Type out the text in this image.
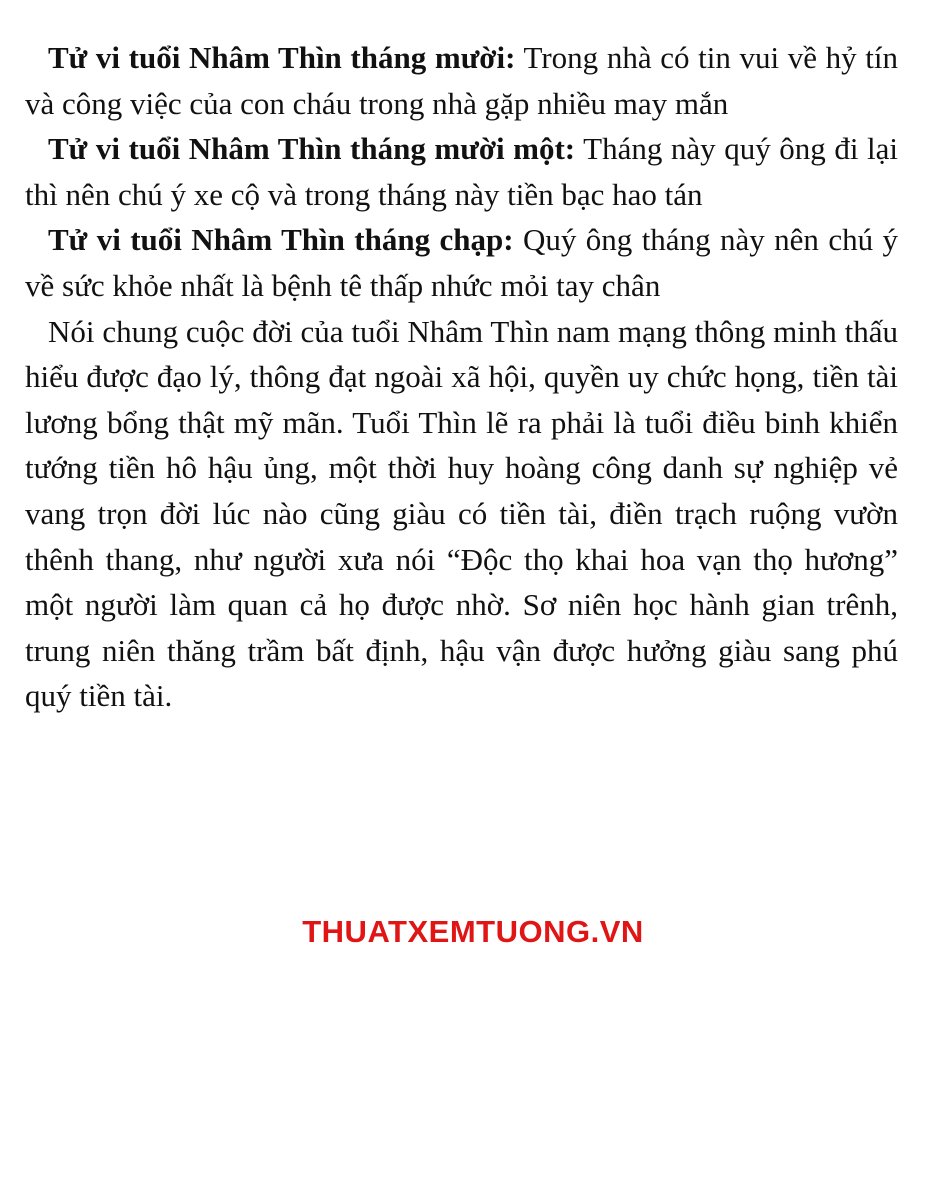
Tử vi tuổi Nhâm Thìn tháng mười: Trong nhà có tin vui về hỷ tín và công việc của con cháu trong nhà gặp nhiều may mắn

Tử vi tuổi Nhâm Thìn tháng mười một: Tháng này quý ông đi lại thì nên chú ý xe cộ và trong tháng này tiền bạc hao tán

Tử vi tuổi Nhâm Thìn tháng chạp: Quý ông tháng này nên chú ý về sức khỏe nhất là bệnh tê thấp nhức mỏi tay chân

Nói chung cuộc đời của tuổi Nhâm Thìn nam mạng thông minh thấu hiểu được đạo lý, thông đạt ngoài xã hội, quyền uy chức họng, tiền tài lương bổng thật mỹ mãn. Tuổi Thìn lẽ ra phải là tuổi điều binh khiển tướng tiền hô hậu ủng, một thời huy hoàng công danh sự nghiệp vẻ vang trọn đời lúc nào cũng giàu có tiền tài, điền trạch ruộng vườn thênh thang, như người xưa nói “Độc thọ khai hoa vạn thọ hương” một người làm quan cả họ được nhờ. Sơ niên học hành gian trênh, trung niên thăng trầm bất định, hậu vận được hưởng giàu sang phú quý tiền tài.

THUATXEMTUONG.VN
